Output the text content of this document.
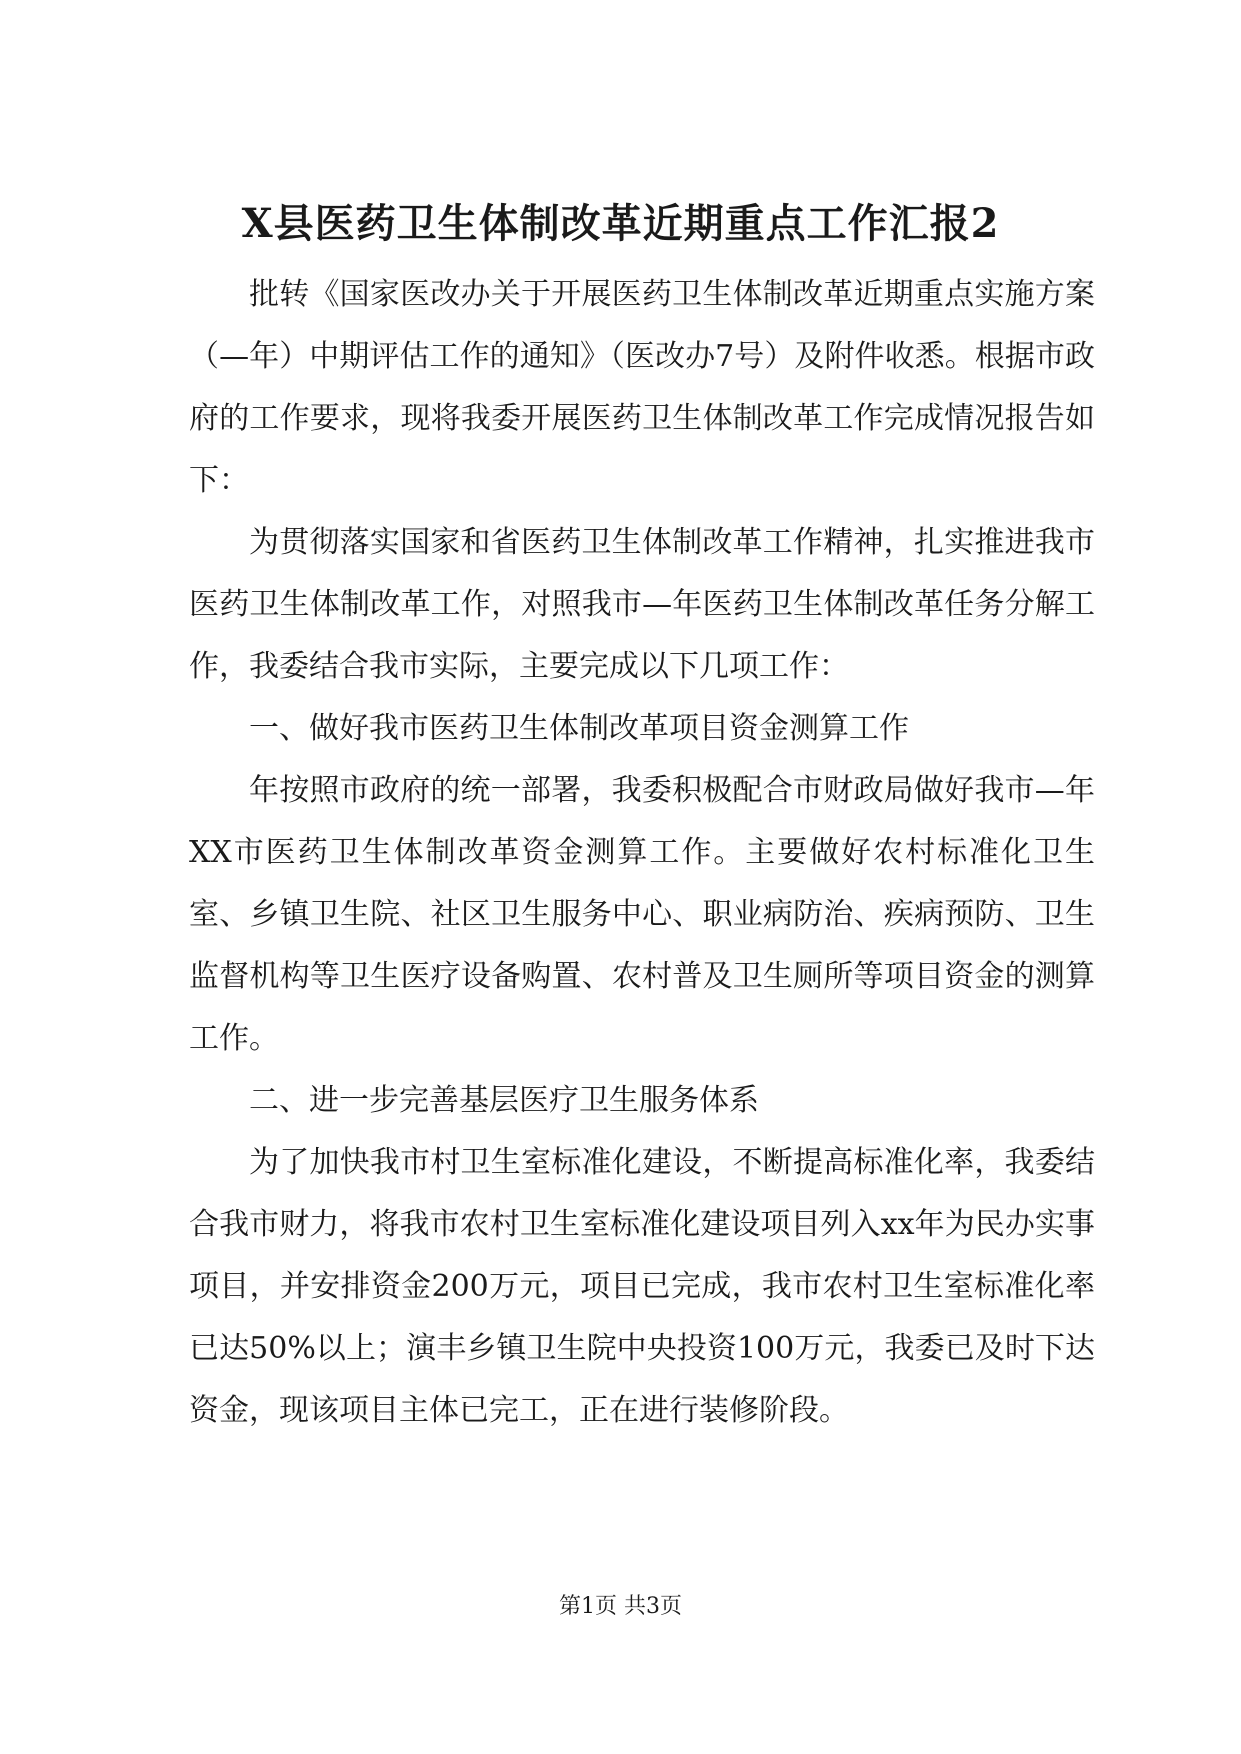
X县医药卫生体制改革近期重点工作汇报2

批转《国家医改办关于开展医药卫生体制改革近期重点实施方案（—年）中期评估工作的通知》（医改办7号）及附件收悉。根据市政府的工作要求，现将我委开展医药卫生体制改革工作完成情况报告如下：

为贯彻落实国家和省医药卫生体制改革工作精神，扎实推进我市医药卫生体制改革工作，对照我市—年医药卫生体制改革任务分解工作，我委结合我市实际，主要完成以下几项工作：

一、做好我市医药卫生体制改革项目资金测算工作

年按照市政府的统一部署，我委积极配合市财政局做好我市—年XX市医药卫生体制改革资金测算工作。主要做好农村标准化卫生室、乡镇卫生院、社区卫生服务中心、职业病防治、疾病预防、卫生监督机构等卫生医疗设备购置、农村普及卫生厕所等项目资金的测算工作。

二、进一步完善基层医疗卫生服务体系

为了加快我市村卫生室标准化建设，不断提高标准化率，我委结合我市财力，将我市农村卫生室标准化建设项目列入xx年为民办实事项目，并安排资金200万元，项目已完成，我市农村卫生室标准化率已达50%以上；演丰乡镇卫生院中央投资100万元，我委已及时下达资金，现该项目主体已完工，正在进行装修阶段。

第1页 共3页
